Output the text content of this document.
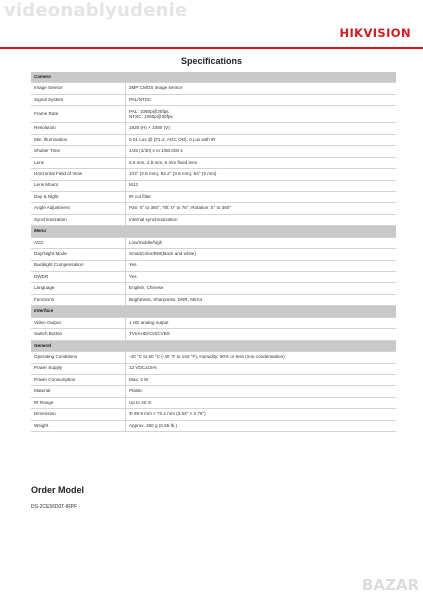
videonablyudenie
HIKVISION
Specifications
Camera	
Image Sensor	2MP CMOS image sensor
Signal System	PAL/NTSC
Frame Rate	PAL: 1080p@25fps
NTSC: 1080p@30fps
Resolution	1920 (H) × 1080 (V)
Min. Illumination	0.01 Lux @ (F1.2, AGC ON), 0 Lux with IR
Shutter Time	1/25 (1/30) s to 1/50,000 s
Lens	3.6 mm, 2.8 mm, 6 mm fixed lens
Horizontal Field of View	103° (2.8 mm), 82.2° (3.6 mm), 54° (6 mm)
Lens Mount	M12
Day & Night	IR cut filter
Angle Adjustment	Pan: 0° to 360°, Tilt: 0° to 75°, Rotation: 0° to 360°
Synchronization	Internal synchronization
Menu	
AGC	Low/middle/high
Day/Night Mode	Smart/color/BW(black and white)
Backlight Compensation	Yes
DWDR	Yes
Language	English, Chinese
Functions	Brightness, Sharpness, DNR, Mirror
Interface	
Video Output	1 HD analog output
Switch Button	TVI/AHD/CVI/CVBS
General	
Operating Conditions	-40 °C to 60 °C (-40 °F to 140 °F), Humidity: 90% or less (non-condensation)
Power Supply	12 VDC±15%
Power Consumption	Max. 4 W
Material	Plastic
IR Range	Up to 20 m
Dimension	Φ 89.9 mm × 70.1 mm (3.54" × 2.76")
Weight	Approx. 250 g (0.55 lb.)
Order Model
DS-2CE56D0T-IRPF
BAZAR
